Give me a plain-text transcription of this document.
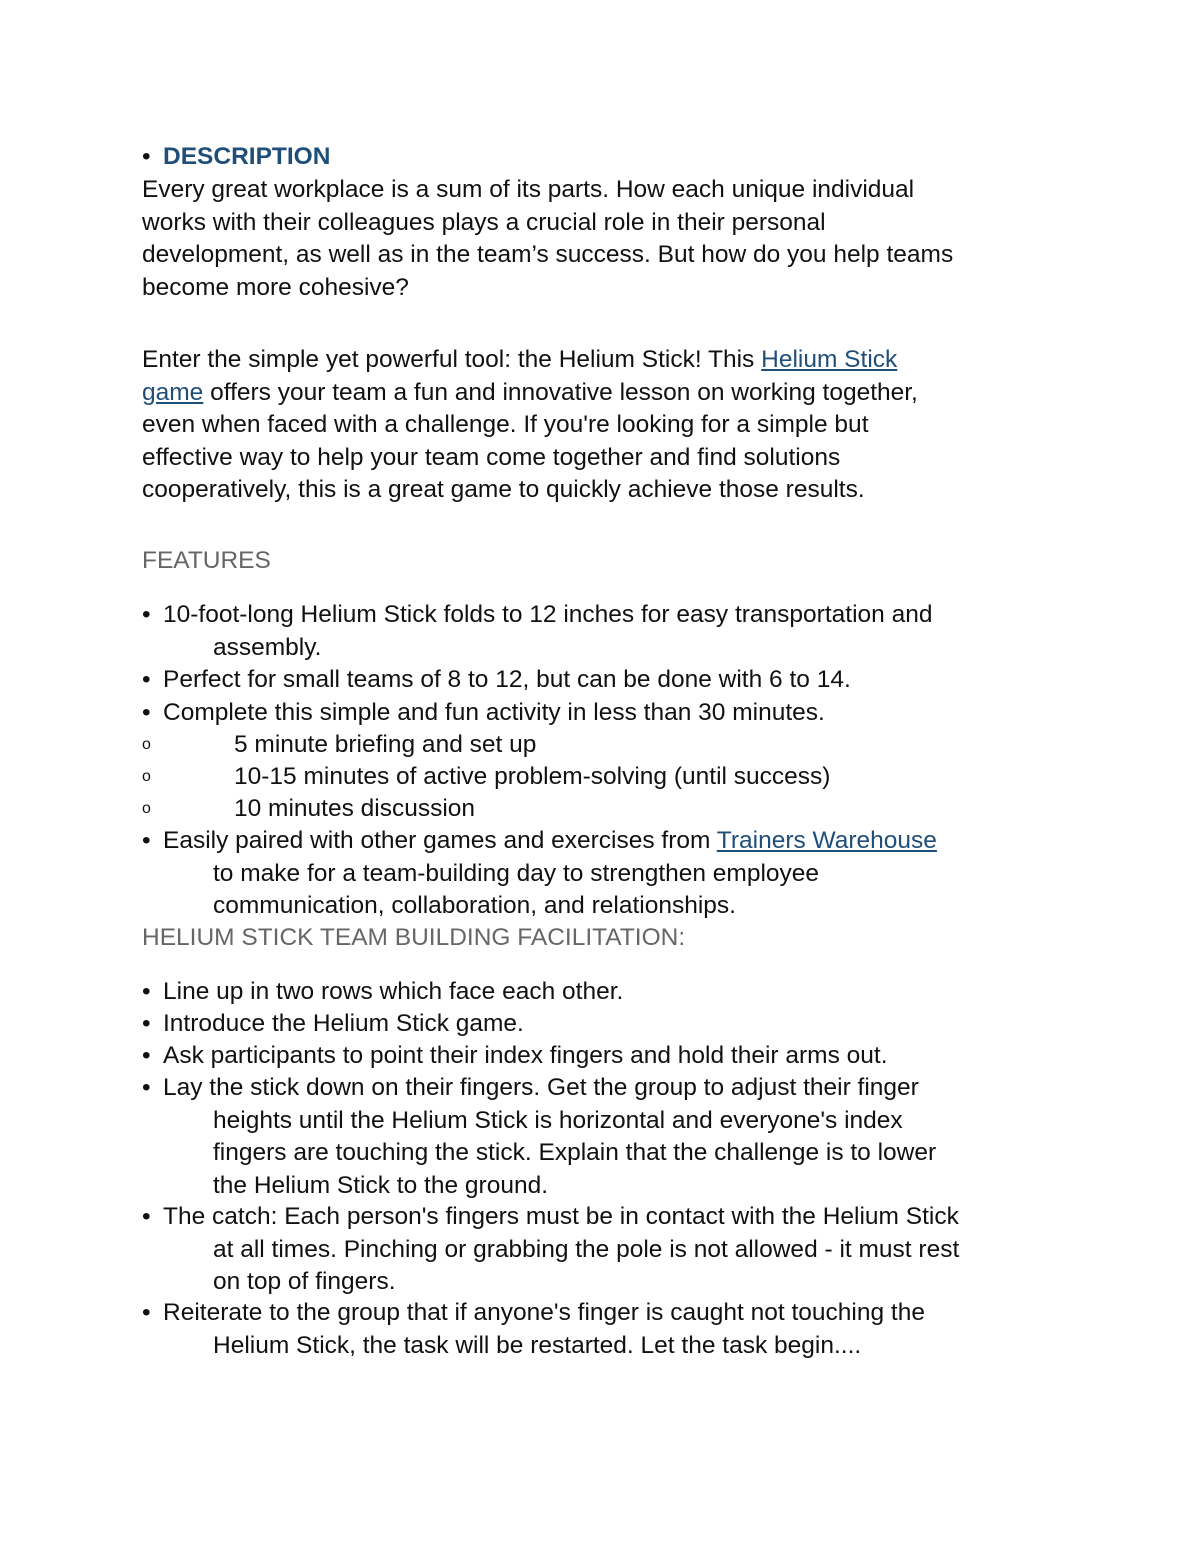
• DESCRIPTION
Every great workplace is a sum of its parts. How each unique individual
works with their colleagues plays a crucial role in their personal
development, as well as in the team’s success. But how do you help teams
become more cohesive?
Enter the simple yet powerful tool: the Helium Stick! This Helium Stick
game offers your team a fun and innovative lesson on working together,
even when faced with a challenge. If you're looking for a simple but
effective way to help your team come together and find solutions
cooperatively, this is a great game to quickly achieve those results.
FEATURES
• 10-foot-long Helium Stick folds to 12 inches for easy transportation and
assembly.
• Perfect for small teams of 8 to 12, but can be done with 6 to 14.
• Complete this simple and fun activity in less than 30 minutes.
o	5 minute briefing and set up
o	10-15 minutes of active problem-solving (until success)
o	10 minutes discussion
• Easily paired with other games and exercises from Trainers Warehouse
to make for a team-building day to strengthen employee
communication, collaboration, and relationships.
HELIUM STICK TEAM BUILDING FACILITATION:
• Line up in two rows which face each other.
• Introduce the Helium Stick game.
• Ask participants to point their index fingers and hold their arms out.
• Lay the stick down on their fingers. Get the group to adjust their finger
heights until the Helium Stick is horizontal and everyone's index
fingers are touching the stick. Explain that the challenge is to lower
the Helium Stick to the ground.
• The catch: Each person's fingers must be in contact with the Helium Stick
at all times. Pinching or grabbing the pole is not allowed - it must rest
on top of fingers.
• Reiterate to the group that if anyone's finger is caught not touching the
Helium Stick, the task will be restarted. Let the task begin....
